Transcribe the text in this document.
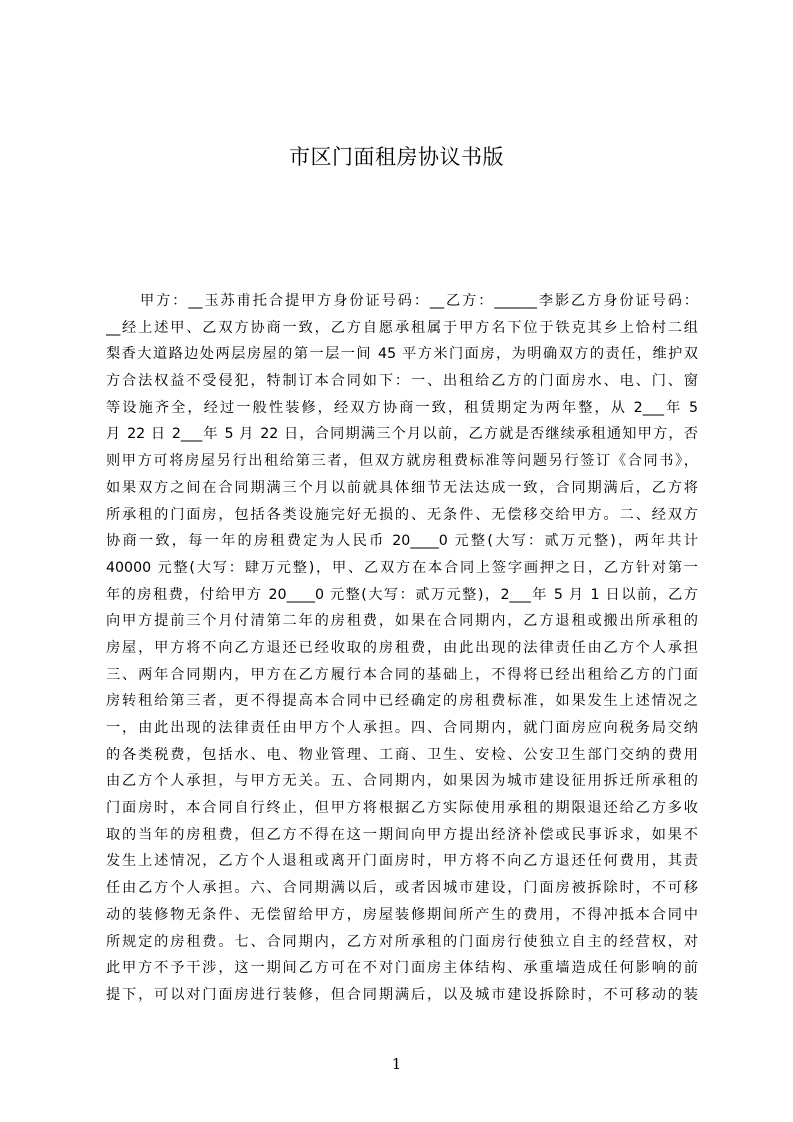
市区门面租房协议书版
甲方：__玉苏甫托合提甲方身份证号码：__乙方：______李影乙方身份证号码：
__经上述甲、乙双方协商一致，乙方自愿承租属于甲方名下位于铁克其乡上恰村二组
梨香大道路边处两层房屋的第一层一间 45 平方米门面房，为明确双方的责任，维护双
方合法权益不受侵犯，特制订本合同如下：一、出租给乙方的门面房水、电、门、窗
等设施齐全，经过一般性装修，经双方协商一致，租赁期定为两年整，从 2___年 5
月 22 日 2___年 5 月 22 日，合同期满三个月以前，乙方就是否继续承租通知甲方，否
则甲方可将房屋另行出租给第三者，但双方就房租费标准等问题另行签订《合同书》，
如果双方之间在合同期满三个月以前就具体细节无法达成一致，合同期满后，乙方将
所承租的门面房，包括各类设施完好无损的、无条件、无偿移交给甲方。二、经双方
协商一致，每一年的房租费定为人民币 20____0 元整(大写：贰万元整)，两年共计
40000 元整(大写：肆万元整)，甲、乙双方在本合同上签字画押之日，乙方针对第一
年的房租费，付给甲方 20____0 元整(大写：贰万元整)，2___年 5 月 1 日以前，乙方
向甲方提前三个月付清第二年的房租费，如果在合同期内，乙方退租或搬出所承租的
房屋，甲方将不向乙方退还已经收取的房租费，由此出现的法律责任由乙方个人承担
三、两年合同期内，甲方在乙方履行本合同的基础上，不得将已经出租给乙方的门面
房转租给第三者，更不得提高本合同中已经确定的房租费标准，如果发生上述情况之
一，由此出现的法律责任由甲方个人承担。四、合同期内，就门面房应向税务局交纳
的各类税费，包括水、电、物业管理、工商、卫生、安检、公安卫生部门交纳的费用
由乙方个人承担，与甲方无关。五、合同期内，如果因为城市建设征用拆迁所承租的
门面房时，本合同自行终止，但甲方将根据乙方实际使用承租的期限退还给乙方多收
取的当年的房租费，但乙方不得在这一期间向甲方提出经济补偿或民事诉求，如果不
发生上述情况，乙方个人退租或离开门面房时，甲方将不向乙方退还任何费用，其责
任由乙方个人承担。六、合同期满以后，或者因城市建设，门面房被拆除时，不可移
动的装修物无条件、无偿留给甲方，房屋装修期间所产生的费用，不得冲抵本合同中
所规定的房租费。七、合同期内，乙方对所承租的门面房行使独立自主的经营权，对
此甲方不予干涉，这一期间乙方可在不对门面房主体结构、承重墙造成任何影响的前
提下，可以对门面房进行装修，但合同期满后，以及城市建设拆除时，不可移动的装
1
